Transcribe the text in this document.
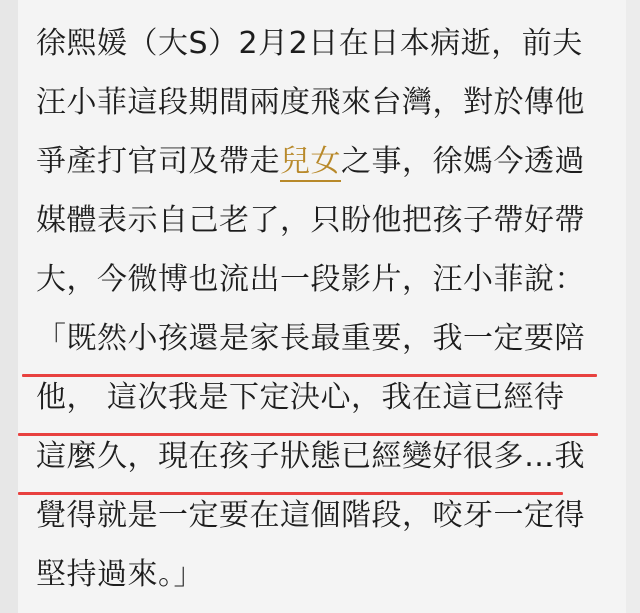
徐熙媛（大S）2月2日在日本病逝，前夫
汪小菲這段期間兩度飛來台灣，對於傳他
爭產打官司及帶走兒女之事，徐媽今透過
媒體表示自己老了，只盼他把孩子帶好帶
大，今微博也流出一段影片，汪小菲說：
「既然小孩還是家長最重要，我一定要陪
他， 這次我是下定決心，我在這已經待
這麼久，現在孩子狀態已經變好很多…我
覺得就是一定要在這個階段，咬牙一定得
堅持過來。」
